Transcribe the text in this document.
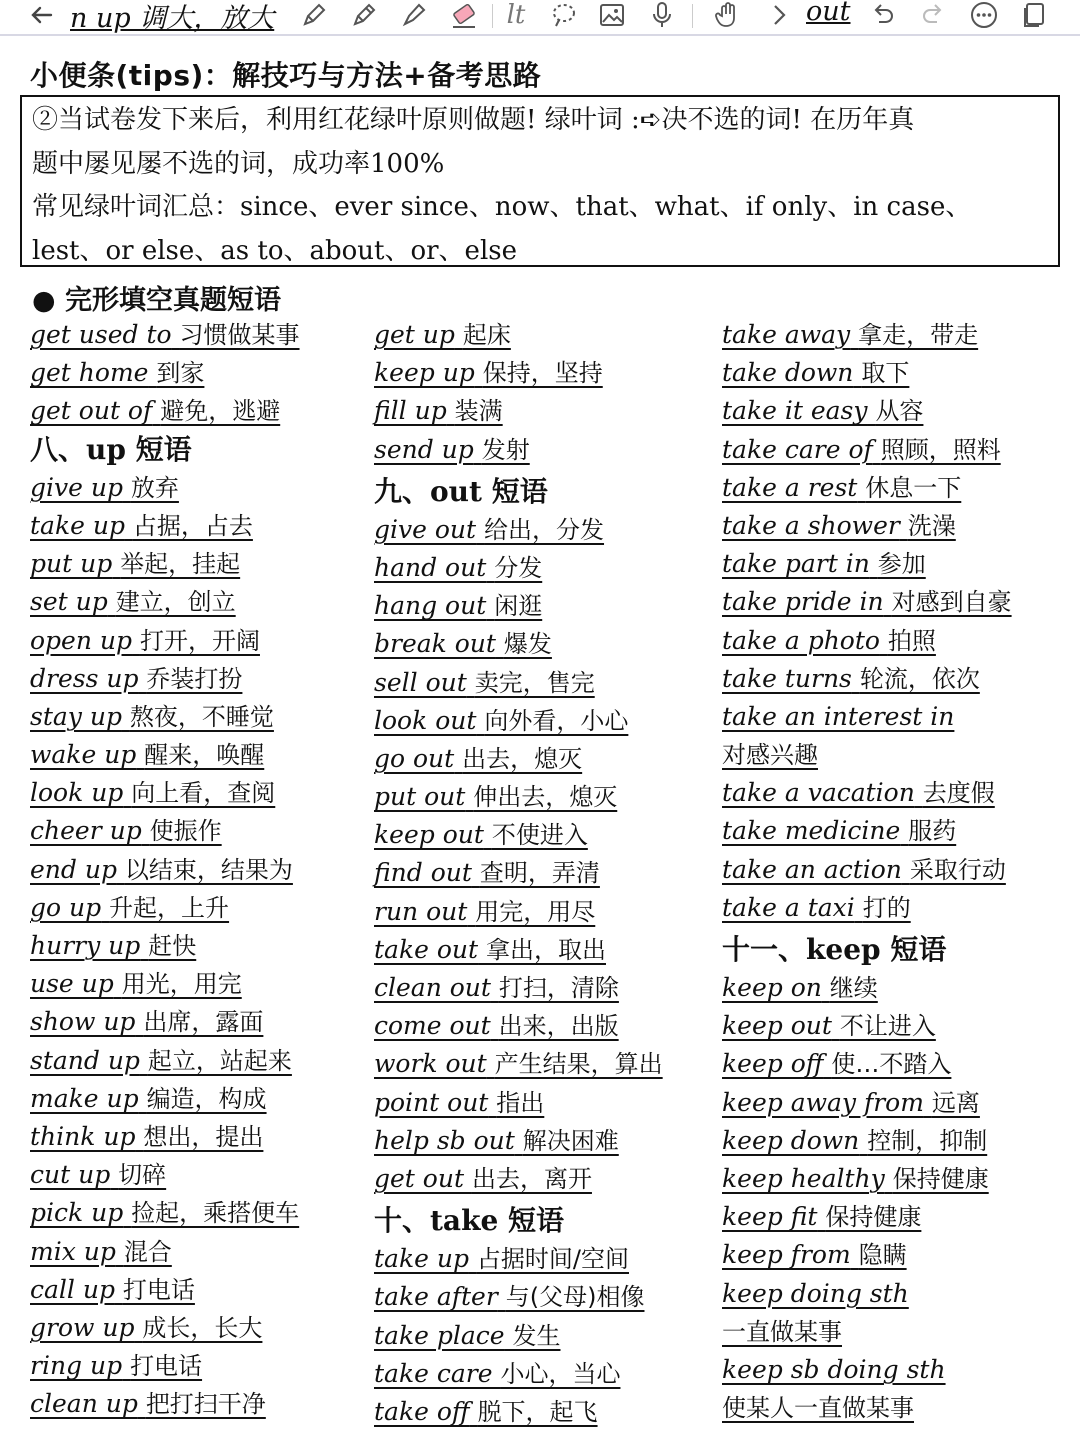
n up 调大，放大	lt	out
小便条(tips)：解技巧与方法+备考思路
②当试卷发下来后，利用红花绿叶原则做题! 绿叶词 :➪决不选的词! 在历年真
题中屡见屡不选的词，成功率100%
常见绿叶词汇总：since、ever since、now、that、what、if only、in case、
lest、or else、as to、about、or、else
● 完形填空真题短语
get used to 习惯做某事
get home 到家
get out of 避免，逃避
八、up 短语
give up 放弃
take up 占据，占去
put up 举起，挂起
set up 建立，创立
open up 打开，开阔
dress up 乔装打扮
stay up 熬夜，不睡觉
wake up 醒来，唤醒
look up 向上看，查阅
cheer up 使振作
end up 以结束，结果为
go up 升起，上升
hurry up 赶快
use up 用光，用完
show up 出席，露面
stand up 起立，站起来
make up 编造，构成
think up 想出，提出
cut up 切碎
pick up 捡起，乘搭便车
mix up 混合
call up 打电话
grow up 成长，长大
ring up 打电话
clean up 把打扫干净
get up 起床
keep up 保持，坚持
fill up 装满
send up 发射
九、out 短语
give out 给出，分发
hand out 分发
hang out 闲逛
break out 爆发
sell out 卖完，售完
look out 向外看，小心
go out 出去，熄灭
put out 伸出去，熄灭
keep out 不使进入
find out 查明，弄清
run out 用完，用尽
take out 拿出，取出
clean out 打扫，清除
come out 出来，出版
work out 产生结果，算出
point out 指出
help sb out 解决困难
get out 出去，离开
十、take 短语
take up 占据时间/空间
take after 与(父母)相像
take place 发生
take care 小心，当心
take off 脱下，起飞
take away 拿走，带走
take down 取下
take it easy 从容
take care of 照顾，照料
take a rest 休息一下
take a shower 洗澡
take part in 参加
take pride in 对感到自豪
take a photo 拍照
take turns 轮流，依次
take an interest in
对感兴趣
take a vacation 去度假
take medicine 服药
take an action 采取行动
take a taxi 打的
十一、keep 短语
keep on 继续
keep out 不让进入
keep off 使…不踏入
keep away from 远离
keep down 控制，抑制
keep healthy 保持健康
keep fit 保持健康
keep from 隐瞒
keep doing sth
一直做某事
keep sb doing sth
使某人一直做某事
